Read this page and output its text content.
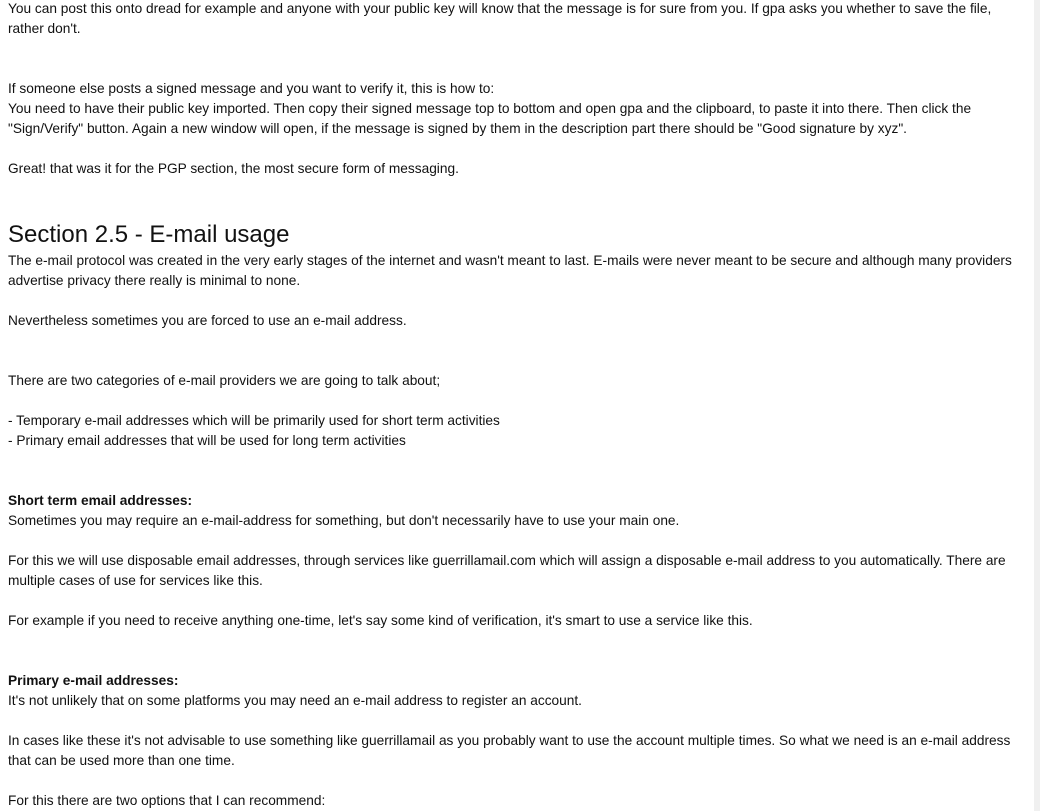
You can post this onto dread for example and anyone with your public key will know that the message is for sure from you. If gpa asks you whether to save the file, rather don't.

If someone else posts a signed message and you want to verify it, this is how to:

You need to have their public key imported. Then copy their signed message top to bottom and open gpa and the clipboard, to paste it into there. Then click the "Sign/Verify" button. Again a new window will open, if the message is signed by them in the description part there should be "Good signature by xyz".

Great! that was it for the PGP section, the most secure form of messaging.

Section 2.5 - E-mail usage

The e-mail protocol was created in the very early stages of the internet and wasn't meant to last. E-mails were never meant to be secure and although many providers advertise privacy there really is minimal to none.

Nevertheless sometimes you are forced to use an e-mail address.

There are two categories of e-mail providers we are going to talk about;

- Temporary e-mail addresses which will be primarily used for short term activities

- Primary email addresses that will be used for long term activities

Short term email addresses:

Sometimes you may require an e-mail-address for something, but don't necessarily have to use your main one.

For this we will use disposable email addresses, through services like guerrillamail.com which will assign a disposable e-mail address to you automatically. There are multiple cases of use for services like this.

For example if you need to receive anything one-time, let's say some kind of verification, it's smart to use a service like this.

Primary e-mail addresses:

It's not unlikely that on some platforms you may need an e-mail address to register an account.

In cases like these it's not advisable to use something like guerrillamail as you probably want to use the account multiple times. So what we need is an e-mail address that can be used more than one time.

For this there are two options that I can recommend:
